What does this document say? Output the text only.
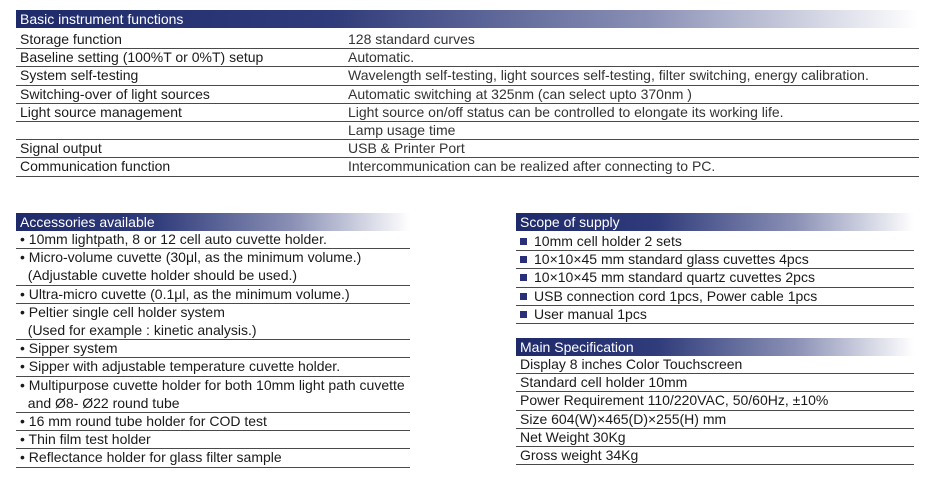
Basic instrument functions
Storage function	128 standard curves
Baseline setting (100%T or 0%T) setup	Automatic.
System self-testing	Wavelength self-testing, light sources self-testing, filter switching, energy calibration.
Switching-over of light sources	Automatic switching at 325nm (can select upto 370nm )
Light source management	Light source on/off status can be controlled to elongate its working life.
Lamp usage time
Signal output	USB & Printer Port
Communication function	Intercommunication can be realized after connecting to PC.
Accessories available
• 10mm lightpath, 8 or 12 cell auto cuvette holder.
• Micro-volume cuvette (30μl, as the minimum volume.)
(Adjustable cuvette holder should be used.)
• Ultra-micro cuvette (0.1μl, as the minimum volume.)
• Peltier single cell holder system
(Used for example : kinetic analysis.)
• Sipper system
• Sipper with adjustable temperature cuvette holder.
• Multipurpose cuvette holder for both 10mm light path cuvette
and Ø8- Ø22 round tube
• 16 mm round tube holder for COD test
• Thin film test holder
• Reflectance holder for glass filter sample
Scope of supply
10mm cell holder 2 sets
10×10×45 mm standard glass cuvettes 4pcs
10×10×45 mm standard quartz cuvettes 2pcs
USB connection cord 1pcs, Power cable 1pcs
User manual 1pcs
Main Specification
Display 8 inches Color Touchscreen
Standard cell holder 10mm
Power Requirement 110/220VAC, 50/60Hz, ±10%
Size 604(W)×465(D)×255(H) mm
Net Weight 30Kg
Gross weight 34Kg
